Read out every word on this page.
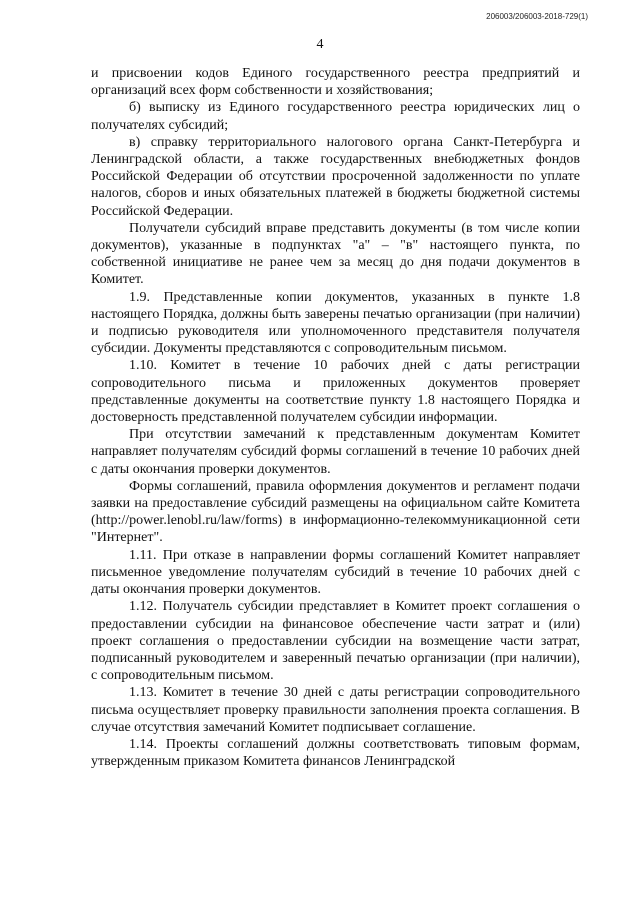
206003/206003-2018-729(1)
4

и присвоении кодов Единого государственного реестра предприятий и организаций всех форм собственности и хозяйствования;

б) выписку из Единого государственного реестра юридических лиц о получателях субсидий;

в) справку территориального налогового органа Санкт-Петербурга и Ленинградской области, а также государственных внебюджетных фондов Российской Федерации об отсутствии просроченной задолженности по уплате налогов, сборов и иных обязательных платежей в бюджеты бюджетной системы Российской Федерации.

Получатели субсидий вправе представить документы (в том числе копии документов), указанные в подпунктах "а" – "в" настоящего пункта, по собственной инициативе не ранее чем за месяц до дня подачи документов в Комитет.

1.9. Представленные копии документов, указанных в пункте 1.8 настоящего Порядка, должны быть заверены печатью организации (при наличии) и подписью руководителя или уполномоченного представителя получателя субсидии. Документы представляются с сопроводительным письмом.

1.10. Комитет в течение 10 рабочих дней с даты регистрации сопроводительного письма и приложенных документов проверяет представленные документы на соответствие пункту 1.8 настоящего Порядка и достоверность представленной получателем субсидии информации.

При отсутствии замечаний к представленным документам Комитет направляет получателям субсидий формы соглашений в течение 10 рабочих дней с даты окончания проверки документов.

Формы соглашений, правила оформления документов и регламент подачи заявки на предоставление субсидий размещены на официальном сайте Комитета (http://power.lenobl.ru/law/forms) в информационно-телекоммуникационной сети "Интернет".

1.11. При отказе в направлении формы соглашений Комитет направляет письменное уведомление получателям субсидий в течение 10 рабочих дней с даты окончания проверки документов.

1.12. Получатель субсидии представляет в Комитет проект соглашения о предоставлении субсидии на финансовое обеспечение части затрат и (или) проект соглашения о предоставлении субсидии на возмещение части затрат, подписанный руководителем и заверенный печатью организации (при наличии), с сопроводительным письмом.

1.13. Комитет в течение 30 дней с даты регистрации сопроводительного письма осуществляет проверку правильности заполнения проекта соглашения. В случае отсутствия замечаний Комитет подписывает соглашение.

1.14. Проекты соглашений должны соответствовать типовым формам, утвержденным приказом Комитета финансов Ленинградской
